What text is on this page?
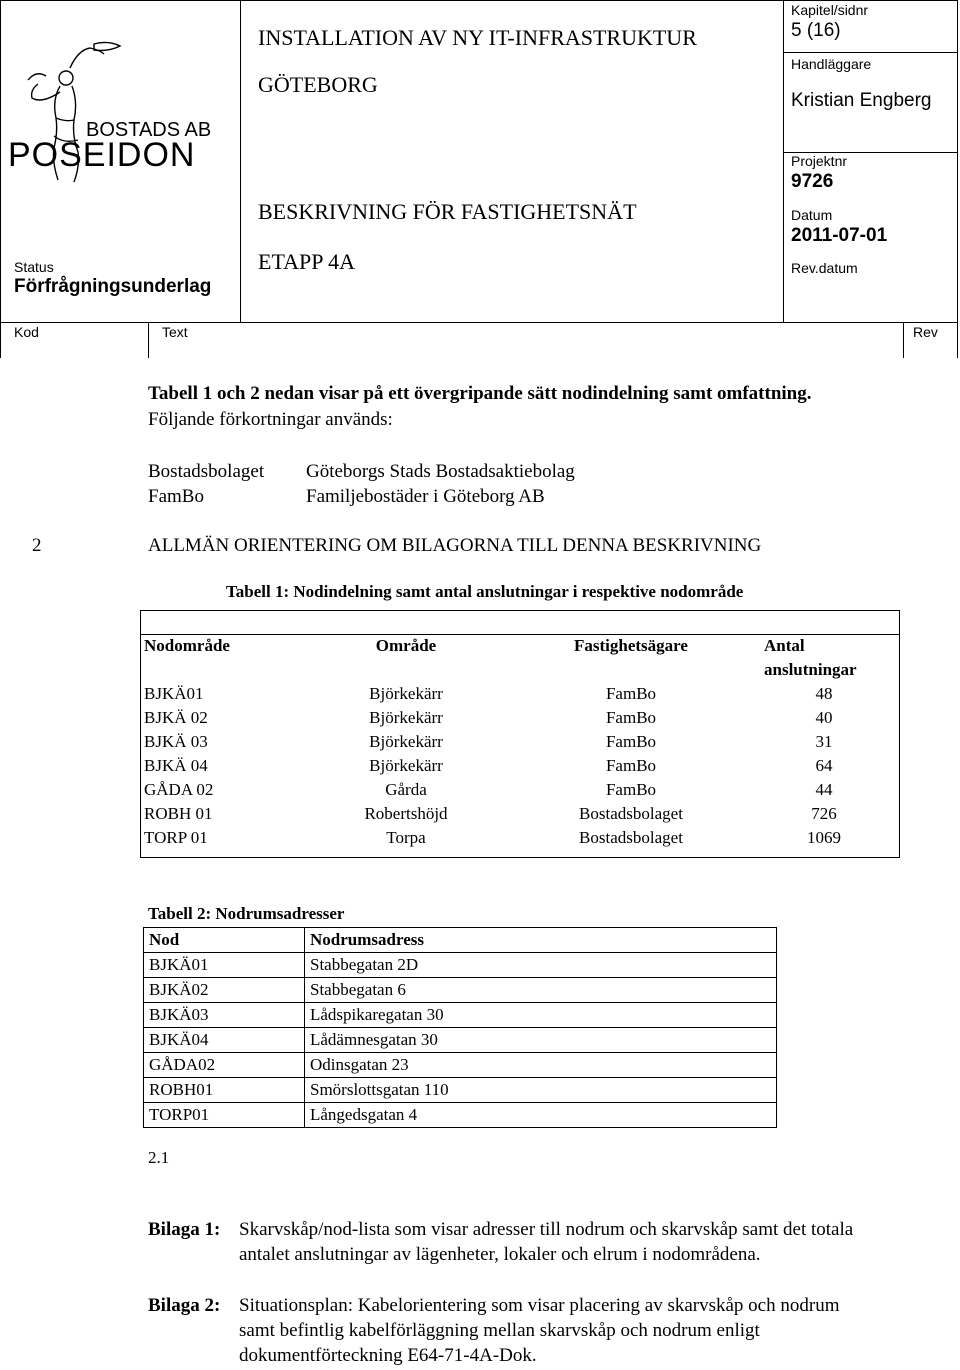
BOSTADS AB
POSEIDON
Status
Förfrågningsunderlag
INSTALLATION AV NY IT-INFRASTRUKTUR
GÖTEBORG
BESKRIVNING FÖR FASTIGHETSNÄT
ETAPP 4A
Kapitel/sidnr
5 (16)
Handläggare
Kristian Engberg
Projektnr
9726
Datum
2011-07-01
Rev.datum
Kod	Text	Rev
Tabell 1 och 2 nedan visar på ett övergripande sätt nodindelning samt omfattning.
Följande förkortningar används:
Bostadsbolaget Göteborgs Stads Bostadsaktiebolag
FamBo	Familjebostäder i Göteborg AB
2	ALLMÄN ORIENTERING OM BILAGORNA TILL DENNA BESKRIVNING
Tabell 1: Nodindelning samt antal anslutningar i respektive nodområde
Nodområde	Område	Fastighetsägare	Antal
anslutningar
BJKÄ01	Björkekärr	FamBo	48
BJKÄ 02	Björkekärr	FamBo	40
BJKÄ 03	Björkekärr	FamBo	31
BJKÄ 04	Björkekärr	FamBo	64
GÅDA 02	Gårda	FamBo	44
ROBH 01	Robertshöjd	Bostadsbolaget	726
TORP 01	Torpa	Bostadsbolaget	1069
Tabell 2: Nodrumsadresser
Nod	Nodrumsadress
BJKÄ01	Stabbegatan 2D
BJKÄ02	Stabbegatan 6
BJKÄ03	Lådspikaregatan 30
BJKÄ04	Lådämnesgatan 30
GÅDA02	Odinsgatan 23
ROBH01	Smörslottsgatan 110
TORP01	Långedsgatan 4
2.1
Bilaga 1: Skarvskåp/nod-lista som visar adresser till nodrum och skarvskåp samt det totala
antalet anslutningar av lägenheter, lokaler och elrum i nodområdena.
Bilaga 2: Situationsplan: Kabelorientering som visar placering av skarvskåp och nodrum
samt befintlig kabelförläggning mellan skarvskåp och nodrum enligt
dokumentförteckning E64-71-4A-Dok.
